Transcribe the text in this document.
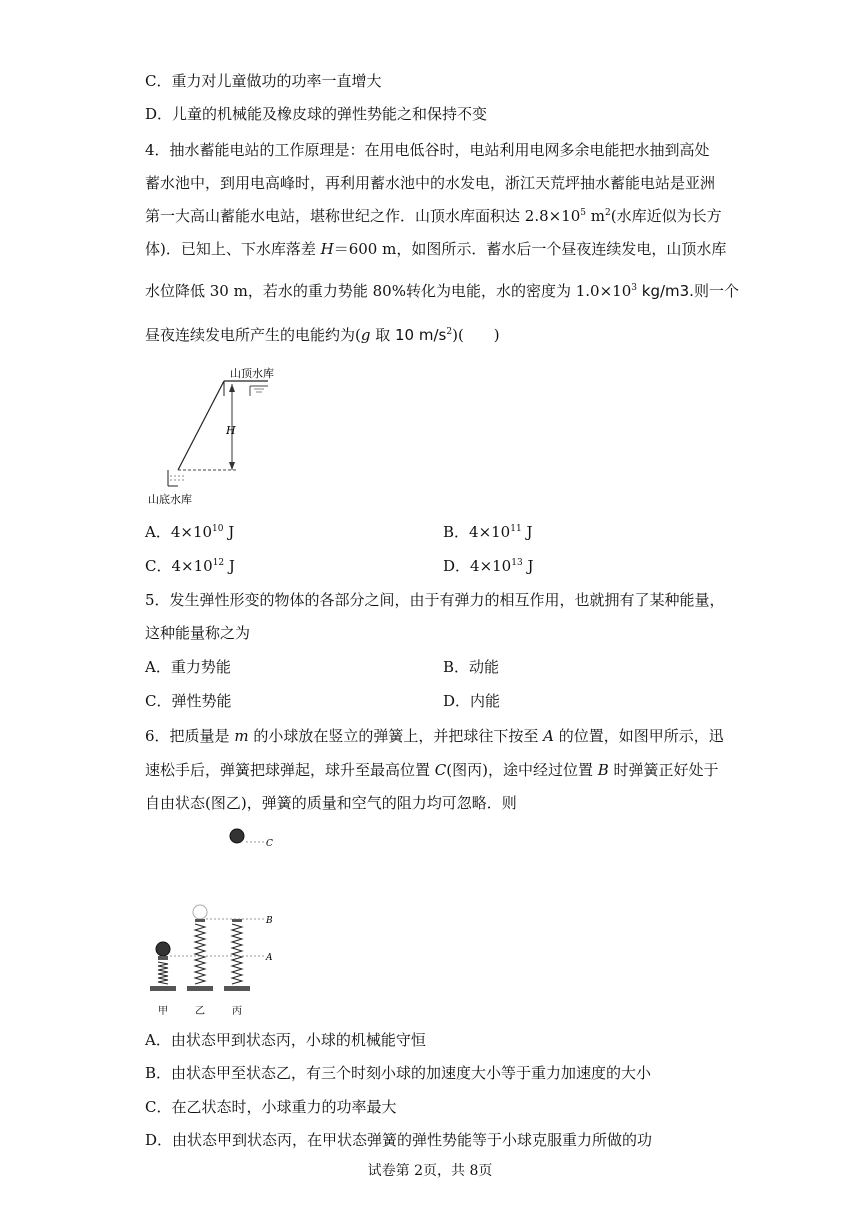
C．重力对儿童做功的功率一直增大
D．儿童的机械能及橡皮球的弹性势能之和保持不变
4．抽水蓄能电站的工作原理是：在用电低谷时，电站利用电网多余电能把水抽到高处
蓄水池中，到用电高峰时，再利用蓄水池中的水发电，浙江天荒坪抽水蓄能电站是亚洲
第一大高山蓄能水电站，堪称世纪之作．山顶水库面积达 $2.8\times 10^5$ $m^2$(水库近似为长方
体)．已知上、下水库落差 H＝600 m，如图所示．蓄水后一个昼夜连续发电，山顶水库
水位降低 30 m，若水的重力势能 80%转化为电能，水的密度为 $1.0\times 10^3$ kg/m3.则一个
昼夜连续发电所产生的电能约为(g 取 10 $m/s^2$)(　　)
山顶水库
H
山底水库
A．$4\times 10^{10}$ J	B．$4\times 10^{11}$ J
C．$4\times 10^{12}$ J	D．$4\times 10^{13}$ J
5．发生弹性形变的物体的各部分之间，由于有弹力的相互作用，也就拥有了某种能量，
这种能量称之为
A．重力势能	B．动能
C．弹性势能	D．内能
6．把质量是 m 的小球放在竖立的弹簧上，并把球往下按至 A 的位置，如图甲所示，迅
速松手后，弹簧把球弹起，球升至最高位置 C(图丙)，途中经过位置 B 时弹簧正好处于
自由状态(图乙)，弹簧的质量和空气的阻力均可忽略．则
C
B
A
甲	乙	丙
A．由状态甲到状态丙，小球的机械能守恒
B．由状态甲至状态乙，有三个时刻小球的加速度大小等于重力加速度的大小
C．在乙状态时，小球重力的功率最大
D．由状态甲到状态丙，在甲状态弹簧的弹性势能等于小球克服重力所做的功
试卷第 2页，共 8页
